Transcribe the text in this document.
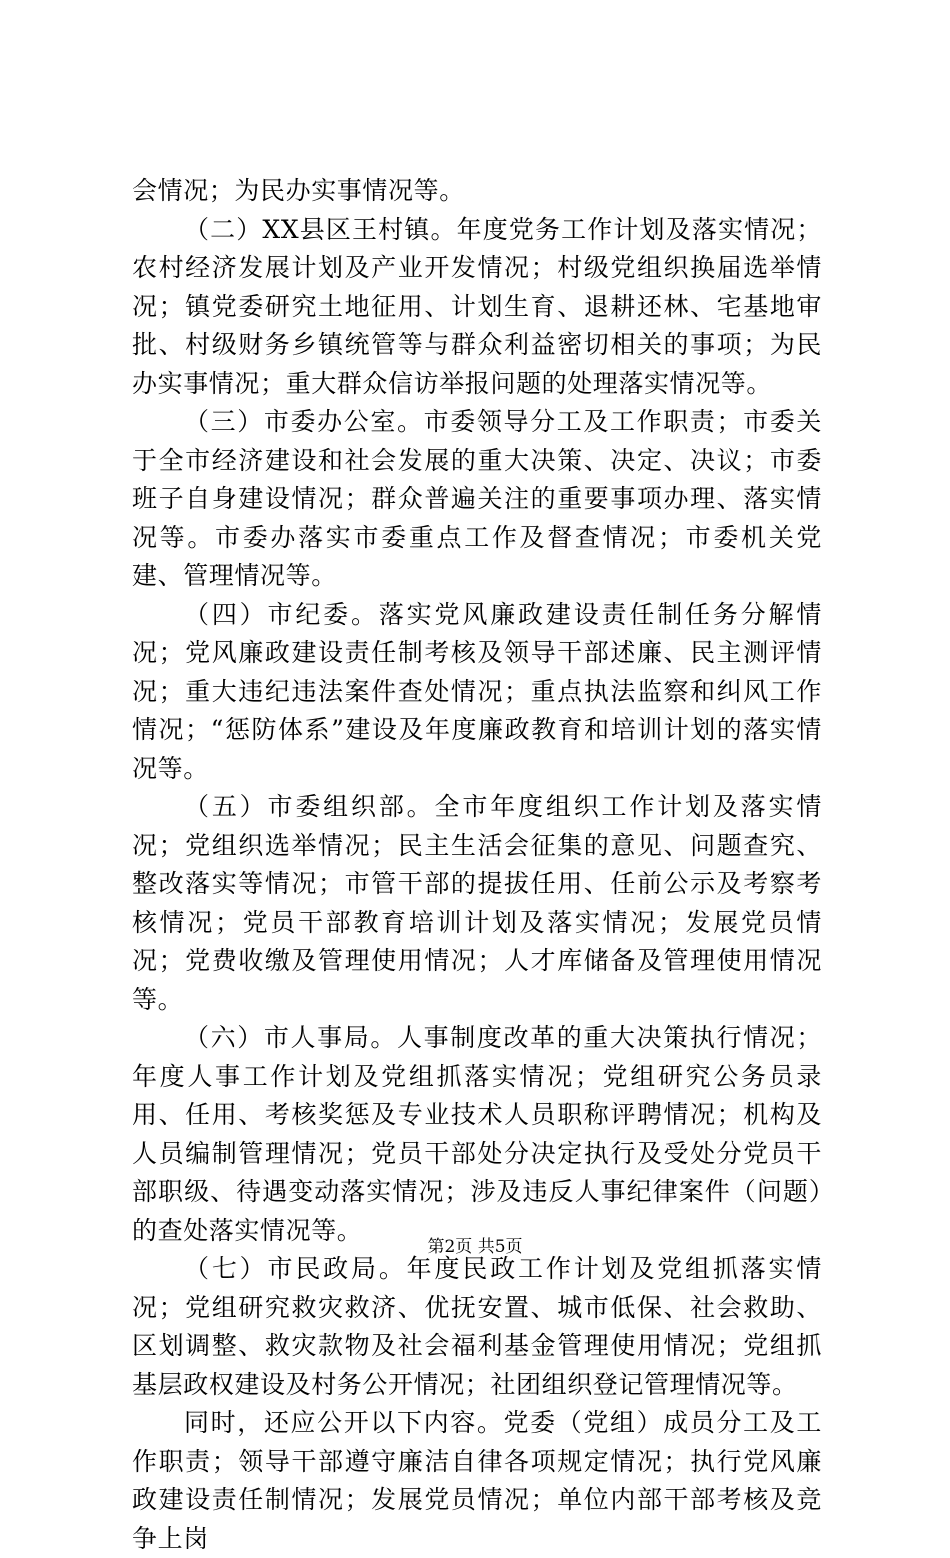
会情况；为民办实事情况等。

（二）XX县区王村镇。年度党务工作计划及落实情况；农村经济发展计划及产业开发情况；村级党组织换届选举情况；镇党委研究土地征用、计划生育、退耕还林、宅基地审批、村级财务乡镇统管等与群众利益密切相关的事项；为民办实事情况；重大群众信访举报问题的处理落实情况等。

（三）市委办公室。市委领导分工及工作职责；市委关于全市经济建设和社会发展的重大决策、决定、决议；市委班子自身建设情况；群众普遍关注的重要事项办理、落实情况等。市委办落实市委重点工作及督查情况；市委机关党建、管理情况等。

（四）市纪委。落实党风廉政建设责任制任务分解情况；党风廉政建设责任制考核及领导干部述廉、民主测评情况；重大违纪违法案件查处情况；重点执法监察和纠风工作情况；“惩防体系”建设及年度廉政教育和培训计划的落实情况等。

（五）市委组织部。全市年度组织工作计划及落实情况；党组织选举情况；民主生活会征集的意见、问题查究、整改落实等情况；市管干部的提拔任用、任前公示及考察考核情况；党员干部教育培训计划及落实情况；发展党员情况；党费收缴及管理使用情况；人才库储备及管理使用情况等。

（六）市人事局。人事制度改革的重大决策执行情况；年度人事工作计划及党组抓落实情况；党组研究公务员录用、任用、考核奖惩及专业技术人员职称评聘情况；机构及人员编制管理情况；党员干部处分决定执行及受处分党员干部职级、待遇变动落实情况；涉及违反人事纪律案件（问题）的查处落实情况等。

（七）市民政局。年度民政工作计划及党组抓落实情况；党组研究救灾救济、优抚安置、城市低保、社会救助、区划调整、救灾款物及社会福利基金管理使用情况；党组抓基层政权建设及村务公开情况；社团组织登记管理情况等。

同时，还应公开以下内容。党委（党组）成员分工及工作职责；领导干部遵守廉洁自律各项规定情况；执行党风廉政建设责任制情况；发展党员情况；单位内部干部考核及竞争上岗

第2页 共5页
